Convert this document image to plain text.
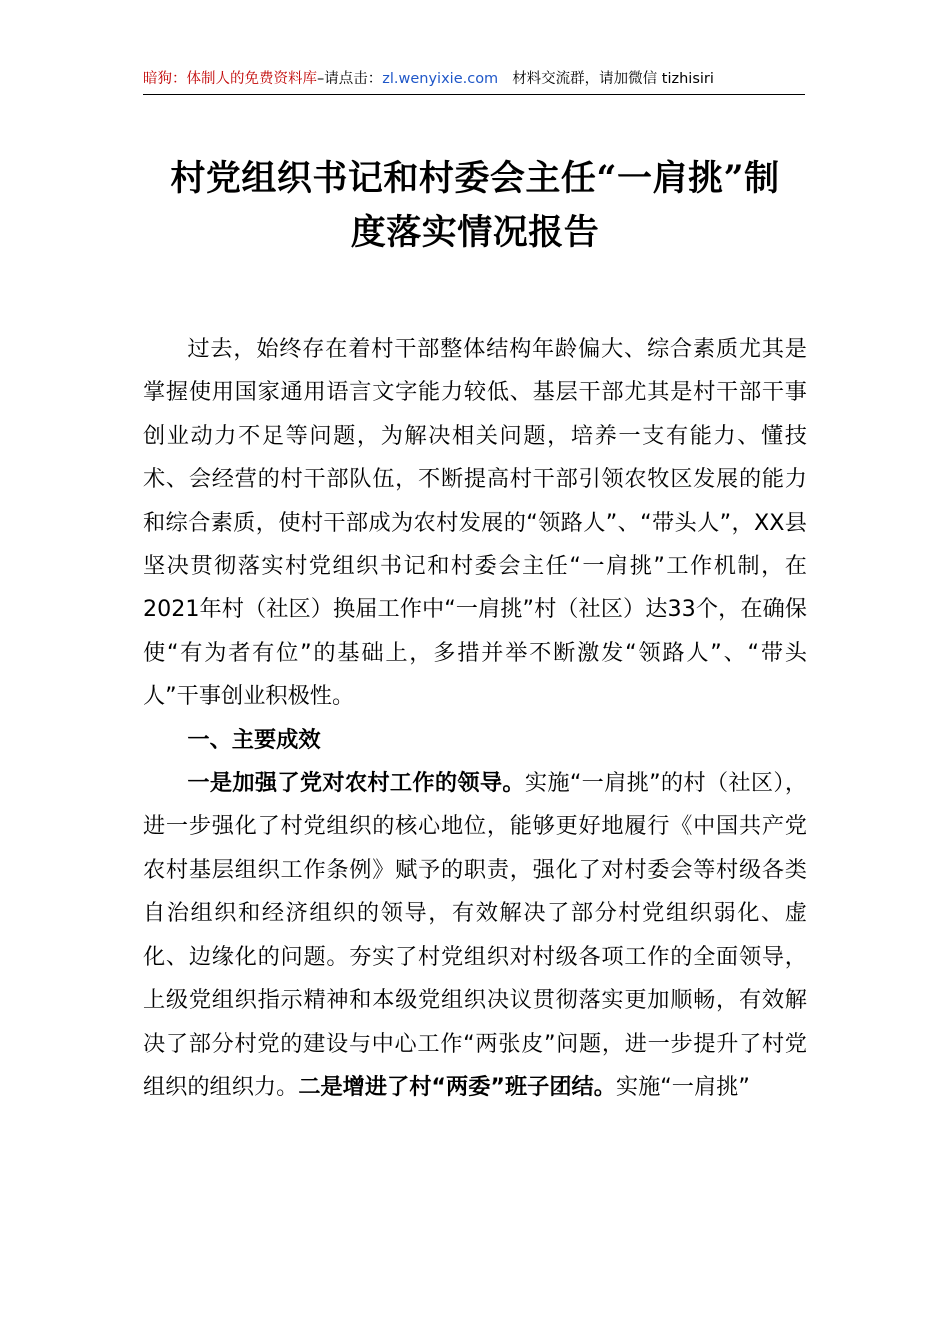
暗狗：体制人的免费资料库–请点击：zl.wenyixie.com 材料交流群，请加微信 tizhisiri
村党组织书记和村委会主任“一肩挑”制
度落实情况报告

过去，始终存在着村干部整体结构年龄偏大、综合素质尤其是掌握使用国家通用语言文字能力较低、基层干部尤其是村干部干事创业动力不足等问题，为解决相关问题，培养一支有能力、懂技术、会经营的村干部队伍，不断提高村干部引领农牧区发展的能力和综合素质，使村干部成为农村发展的“领路人”、“带头人”，XX县坚决贯彻落实村党组织书记和村委会主任“一肩挑”工作机制，在2021年村（社区）换届工作中“一肩挑”村（社区）达33个，在确保使“有为者有位”的基础上，多措并举不断激发“领路人”、“带头人”干事创业积极性。

一、主要成效

一是加强了党对农村工作的领导。实施“一肩挑”的村（社区），进一步强化了村党组织的核心地位，能够更好地履行《中国共产党农村基层组织工作条例》赋予的职责，强化了对村委会等村级各类自治组织和经济组织的领导，有效解决了部分村党组织弱化、虚化、边缘化的问题。夯实了村党组织对村级各项工作的全面领导，上级党组织指示精神和本级党组织决议贯彻落实更加顺畅，有效解决了部分村党的建设与中心工作“两张皮”问题，进一步提升了村党组织的组织力。二是增进了村“两委”班子团结。实施“一肩挑”
